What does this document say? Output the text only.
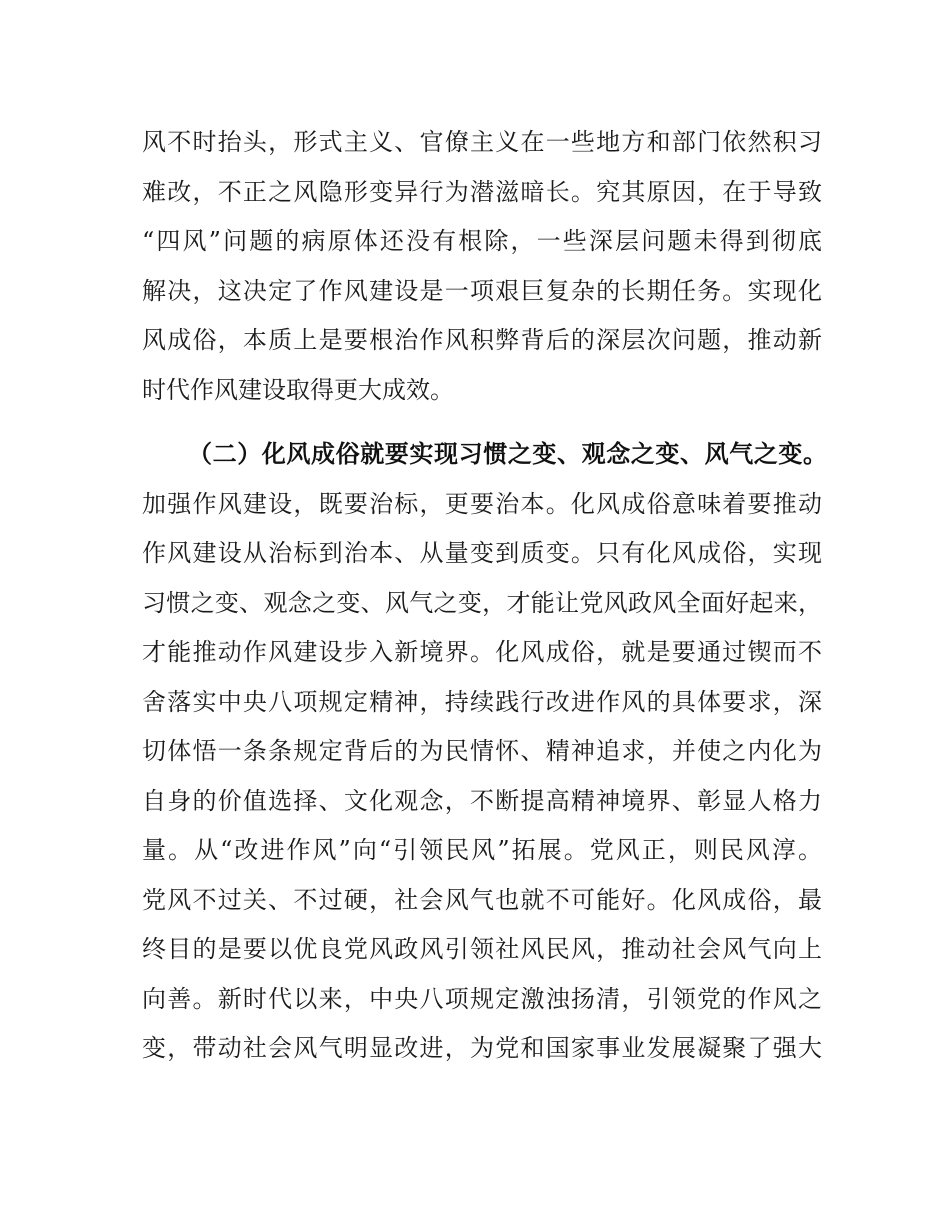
风不时抬头，形式主义、官僚主义在一些地方和部门依然积习
难改，不正之风隐形变异行为潜滋暗长。究其原因，在于导致
“四风”问题的病原体还没有根除，一些深层问题未得到彻底
解决，这决定了作风建设是一项艰巨复杂的长期任务。实现化
风成俗，本质上是要根治作风积弊背后的深层次问题，推动新
时代作风建设取得更大成效。
（二）化风成俗就要实现习惯之变、观念之变、风气之变。
加强作风建设，既要治标，更要治本。化风成俗意味着要推动
作风建设从治标到治本、从量变到质变。只有化风成俗，实现
习惯之变、观念之变、风气之变，才能让党风政风全面好起来，
才能推动作风建设步入新境界。化风成俗，就是要通过锲而不
舍落实中央八项规定精神，持续践行改进作风的具体要求，深
切体悟一条条规定背后的为民情怀、精神追求，并使之内化为
自身的价值选择、文化观念，不断提高精神境界、彰显人格力
量。从“改进作风”向“引领民风”拓展。党风正，则民风淳。
党风不过关、不过硬，社会风气也就不可能好。化风成俗，最
终目的是要以优良党风政风引领社风民风，推动社会风气向上
向善。新时代以来，中央八项规定激浊扬清，引领党的作风之
变，带动社会风气明显改进，为党和国家事业发展凝聚了强大
